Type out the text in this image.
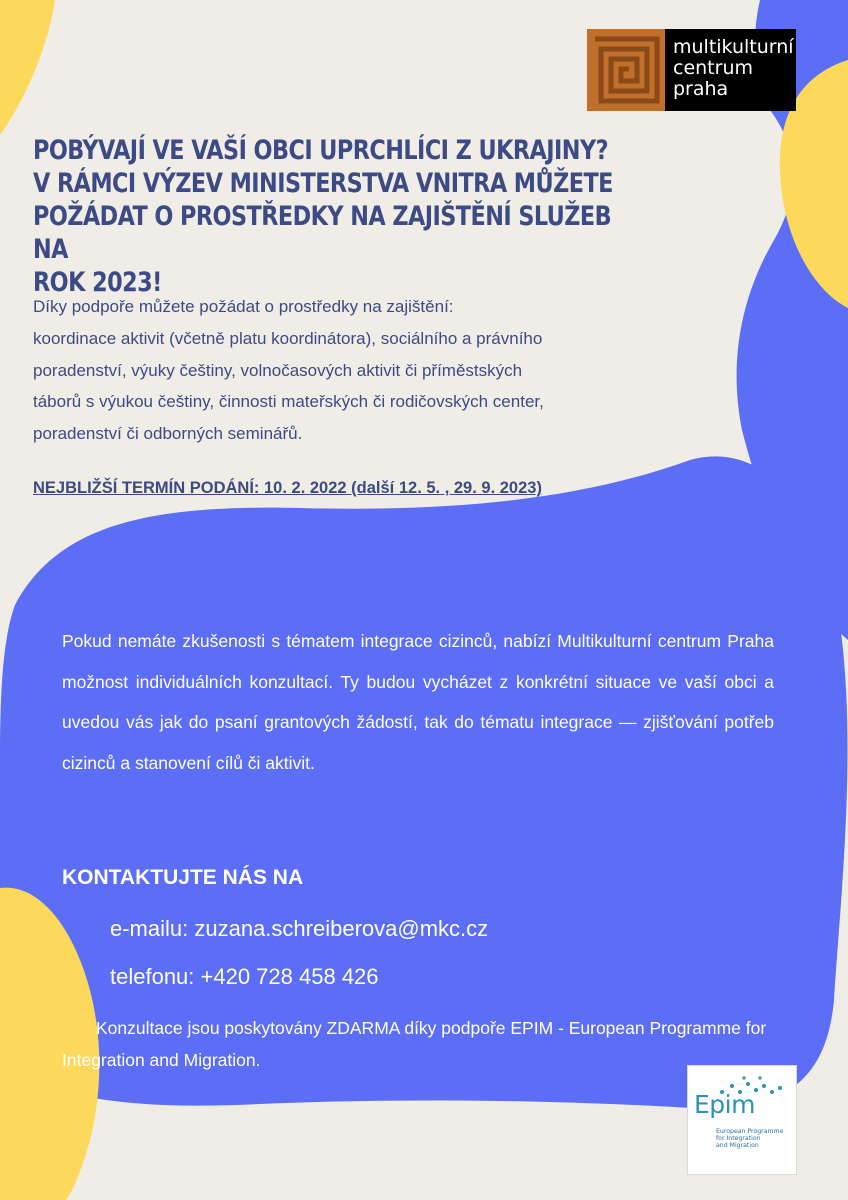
multikulturní
centrum
praha
POBÝVAJÍ VE VAŠÍ OBCI UPRCHLÍCI Z UKRAJINY?
V RÁMCI VÝZEV MINISTERSTVA VNITRA MŮŽETE
POŽÁDAT O PROSTŘEDKY NA ZAJIŠTĚNÍ SLUŽEB NA
ROK 2023!

Díky podpoře můžete požádat o prostředky na zajištění:
koordinace aktivit (včetně platu koordinátora), sociálního a právního
poradenství, výuky češtiny, volnočasových aktivit či příměstských
táborů s výukou češtiny, činnosti mateřských či rodičovských center,
poradenství či odborných seminářů.

NEJBLIŽŠÍ TERMÍN PODÁNÍ: 10. 2. 2022 (další 12. 5. , 29. 9. 2023)

Pokud nemáte zkušenosti s tématem integrace cizinců, nabízí Multikulturní centrum Praha možnost individuálních konzultací. Ty budou vycházet z konkrétní situace ve vaší obci a uvedou vás jak do psaní grantových žádostí, tak do tématu integrace — zjišťování potřeb cizinců a stanovení cílů či aktivit.

KONTAKTUJTE NÁS NA

e-mailu: zuzana.schreiberova@mkc.cz

telefonu: +420 728 458 426

Konzultace jsou poskytovány ZDARMA díky podpoře EPIM - European Programme for Integration and Migration.

Epim
European Programme
for Integration
and Migration
